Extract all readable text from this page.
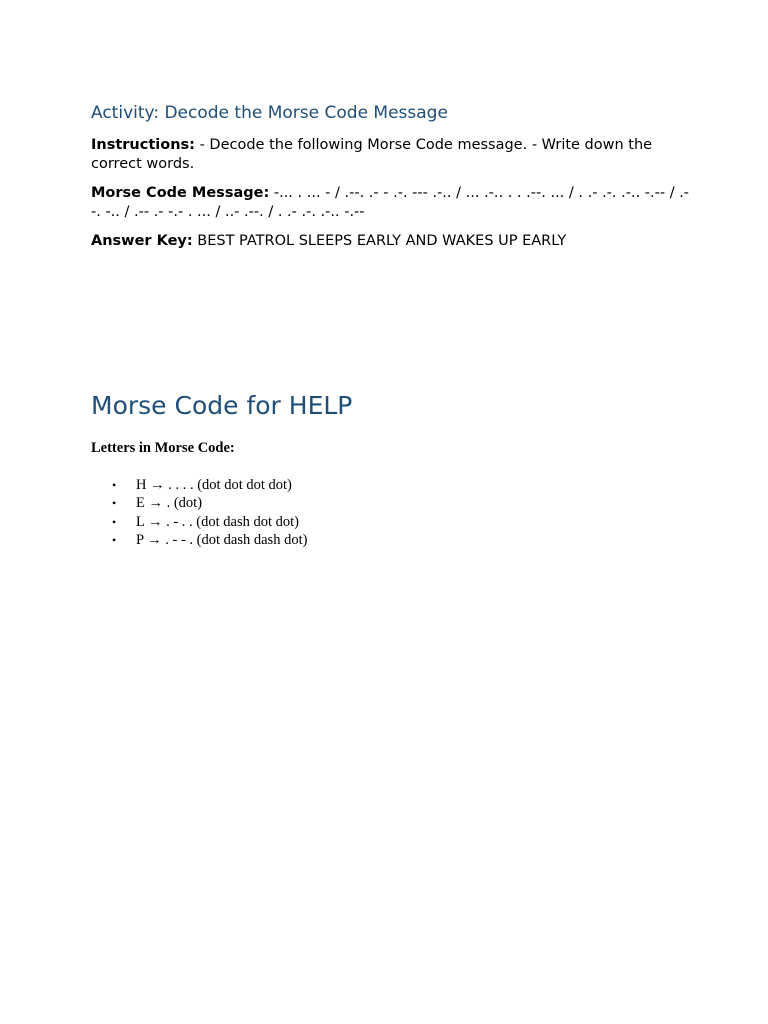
Activity: Decode the Morse Code Message

Instructions: - Decode the following Morse Code message. - Write down the correct words.

Morse Code Message: -... . ... - / .--. .- - .-. --- .-.. / ... .-.. . . .--. ... / . .- .-. .-.. -.-- / .- -. -.. / .-- .- -.- . ... / ..- .--. / . .- .-. .-.. -.--

Answer Key: BEST PATROL SLEEPS EARLY AND WAKES UP EARLY

Morse Code for HELP

Letters in Morse Code:

• H → . . . . (dot dot dot dot)
• E → . (dot)
• L → . - . . (dot dash dot dot)
• P → . - - . (dot dash dash dot)
